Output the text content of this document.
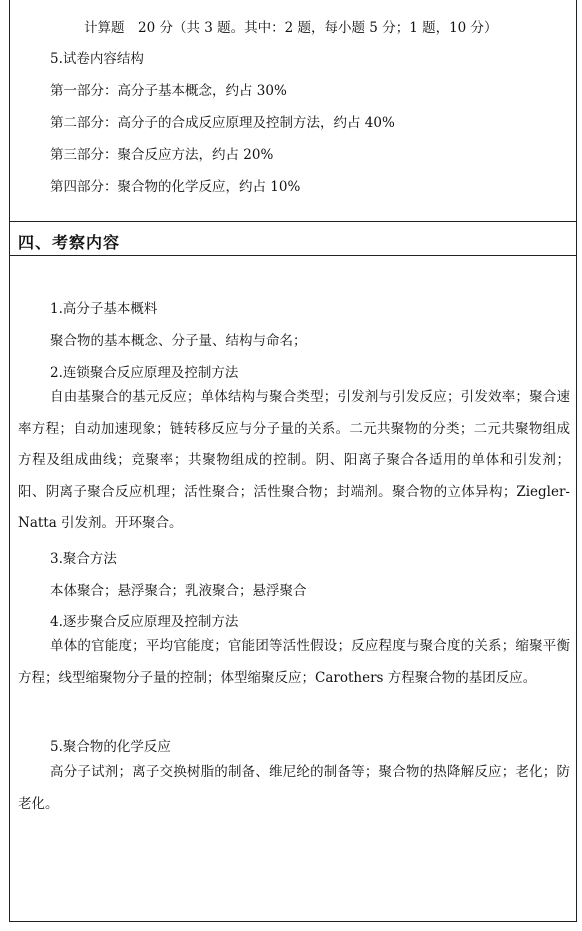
计算题　20 分（共 3 题。其中：2 题，每小题 5 分；1 题，10 分）
5.试卷内容结构
第一部分：高分子基本概念，约占 30%
第二部分：高分子的合成反应原理及控制方法，约占 40%
第三部分：聚合反应方法，约占 20%
第四部分：聚合物的化学反应，约占 10%
四、考察内容
1.高分子基本概料
聚合物的基本概念、分子量、结构与命名；
2.连锁聚合反应原理及控制方法
自由基聚合的基元反应；单体结构与聚合类型；引发剂与引发反应；引发效率；聚合速率方程；自动加速现象；链转移反应与分子量的关系。二元共聚物的分类；二元共聚物组成方程及组成曲线；竞聚率；共聚物组成的控制。阴、阳离子聚合各适用的单体和引发剂；阳、阴离子聚合反应机理；活性聚合；活性聚合物；封端剂。聚合物的立体异构；Ziegler-Natta 引发剂。开环聚合。
3.聚合方法
本体聚合；悬浮聚合；乳液聚合；悬浮聚合
4.逐步聚合反应原理及控制方法
单体的官能度；平均官能度；官能团等活性假设；反应程度与聚合度的关系；缩聚平衡方程；线型缩聚物分子量的控制；体型缩聚反应；Carothers 方程聚合物的基团反应。
5.聚合物的化学反应
高分子试剂；离子交换树脂的制备、维尼纶的制备等；聚合物的热降解反应；老化；防老化。
